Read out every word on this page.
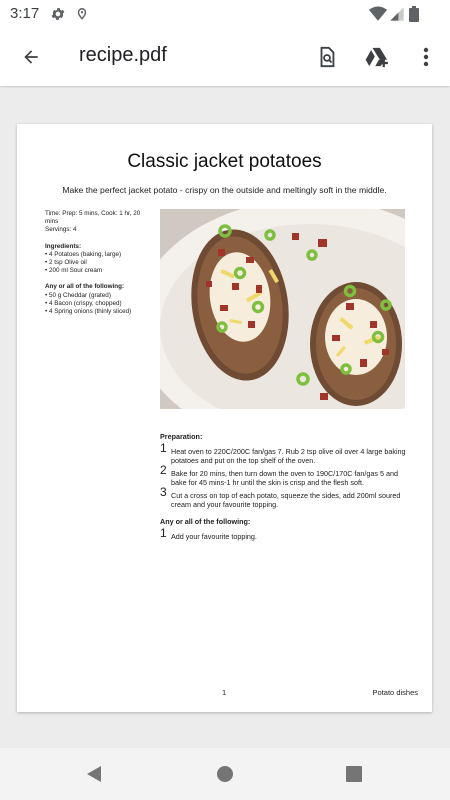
3:17
recipe.pdf
Classic jacket potatoes
Make the perfect jacket potato - crispy on the outside and meltingly soft in the middle.
Time: Prep: 5 mins, Cook: 1 hr, 20 mins
Servings: 4
Ingredients:
• 4 Potatoes (baking, large)
• 2 tsp Olive oil
• 200 ml Sour cream
Any or all of the following:
• 50 g Cheddar (grated)
• 4 Bacon (crispy, chopped)
• 4 Spring onions (thinly sliced)
Preparation:
1 Heat oven to 220C/200C fan/gas 7. Rub 2 tsp olive oil over 4 large baking potatoes and put on the top shelf of the oven.
2 Bake for 20 mins, then turn down the oven to 190C/170C fan/gas 5 and bake for 45 mins-1 hr until the skin is crisp and the flesh soft.
3 Cut a cross on top of each potato, squeeze the sides, add 200ml soured cream and your favourite topping.
Any or all of the following:
1 Add your favourite topping.
1	Potato dishes
